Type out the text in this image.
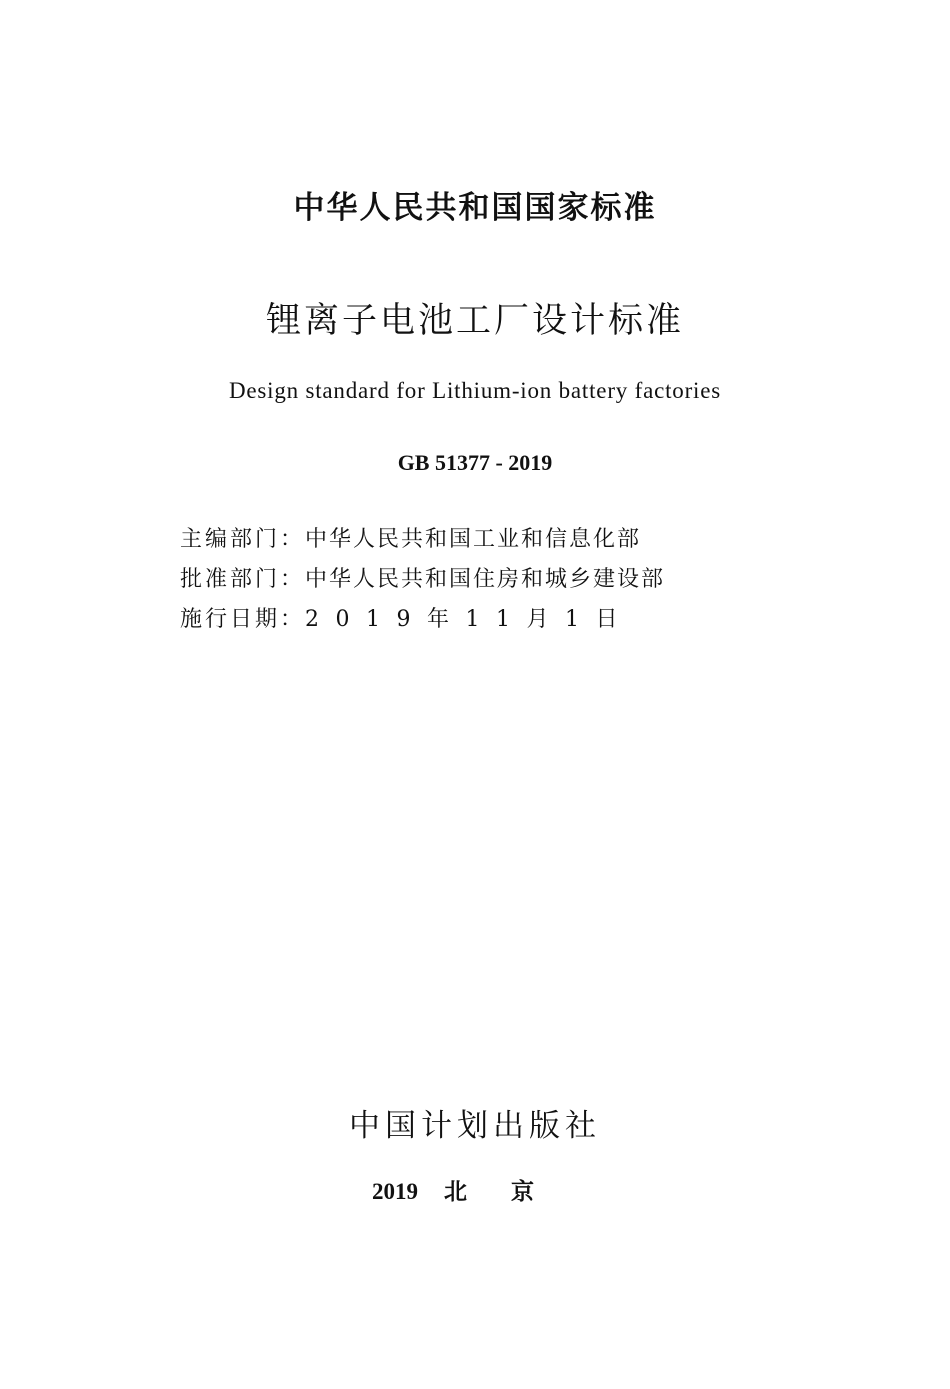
中华人民共和国国家标准
锂离子电池工厂设计标准
Design standard for Lithium-ion battery factories
GB 51377 - 2019
主编部门：中华人民共和国工业和信息化部
批准部门：中华人民共和国住房和城乡建设部
施行日期：2019年11月1日
中国计划出版社
2019 北京
